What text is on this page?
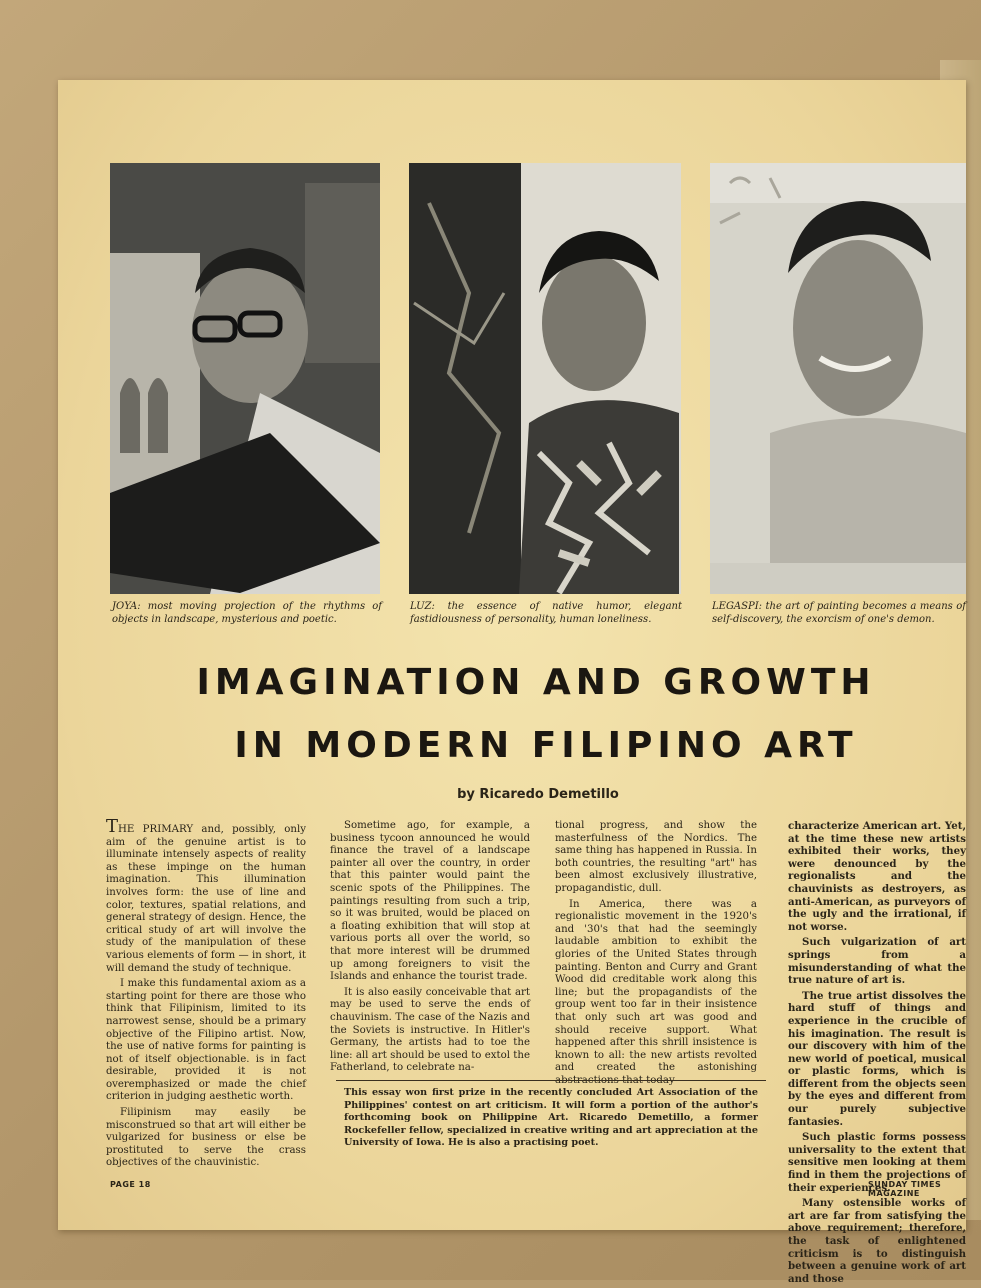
JOYA: most moving projection of the rhythms of objects in landscape, mysterious and poetic.
LUZ: the essence of native humor, elegant fastidiousness of personality, human loneliness.
LEGASPI: the art of painting becomes a means of self-discovery, the exorcism of one's demon.
IMAGINATION AND GROWTH
IN MODERN FILIPINO ART
by Ricaredo Demetillo

THE PRIMARY and, possibly, only aim of the genuine artist is to illuminate intensely aspects of reality as these impinge on the human imagination. This illumination involves form: the use of line and color, textures, spatial relations, and general strategy of design. Hence, the critical study of art will involve the study of the manipulation of these various elements of form — in short, it will demand the study of technique.

I make this fundamental axiom as a starting point for there are those who think that Filipinism, limited to its narrowest sense, should be a primary objective of the Filipino artist. Now, the use of native forms for painting is not of itself objectionable. is in fact desirable, provided it is not overemphasized or made the chief criterion in judging aesthetic worth.

Filipinism may easily be misconstrued so that art will either be vulgarized for business or else be prostituted to serve the crass objectives of the chauvinistic.

Sometime ago, for example, a business tycoon announced he would finance the travel of a landscape painter all over the country, in order that this painter would paint the scenic spots of the Philippines. The paintings resulting from such a trip, so it was bruited, would be placed on a floating exhibition that will stop at various ports all over the world, so that more interest will be drummed up among foreigners to visit the Islands and enhance the tourist trade.

It is also easily conceivable that art may be used to serve the ends of chauvinism. The case of the Nazis and the Soviets is instructive. In Hitler's Germany, the artists had to toe the line: all art should be used to extol the Fatherland, to celebrate na-

tional progress, and show the masterfulness of the Nordics. The same thing has happened in Russia. In both countries, the resulting "art" has been almost exclusively illustrative, propagandistic, dull.

In America, there was a regionalistic movement in the 1920's and '30's that had the seemingly laudable ambition to exhibit the glories of the United States through painting. Benton and Curry and Grant Wood did creditable work along this line; but the propagandists of the group went too far in their insistence that only such art was good and should receive support. What happened after this shrill insistence is known to all: the new artists revolted and created the astonishing abstractions that today

characterize American art. Yet, at the time these new artists exhibited their works, they were denounced by the regionalists and the chauvinists as destroyers, as anti-American, as purveyors of the ugly and the irrational, if not worse.

Such vulgarization of art springs from a misunderstanding of what the true nature of art is.

The true artist dissolves the hard stuff of things and experience in the crucible of his imagination. The result is our discovery with him of the new world of poetical, musical or plastic forms, which is different from the objects seen by the eyes and different from our purely subjective fantasies.

Such plastic forms possess universality to the extent that sensitive men looking at them find in them the projections of their experiences.

Many ostensible works of art are far from satisfying the above requirement; therefore, the task of enlightened criticism is to distinguish between a genuine work of art and those

This essay won first prize in the recently concluded Art Association of the Philippines' contest on art criticism. It will form a portion of the author's forthcoming book on Philippine Art. Ricaredo Demetillo, a former Rockefeller fellow, specialized in creative writing and art appreciation at the University of Iowa. He is also a practising poet.
PAGE 18	SUNDAY TIMES MAGAZINE
